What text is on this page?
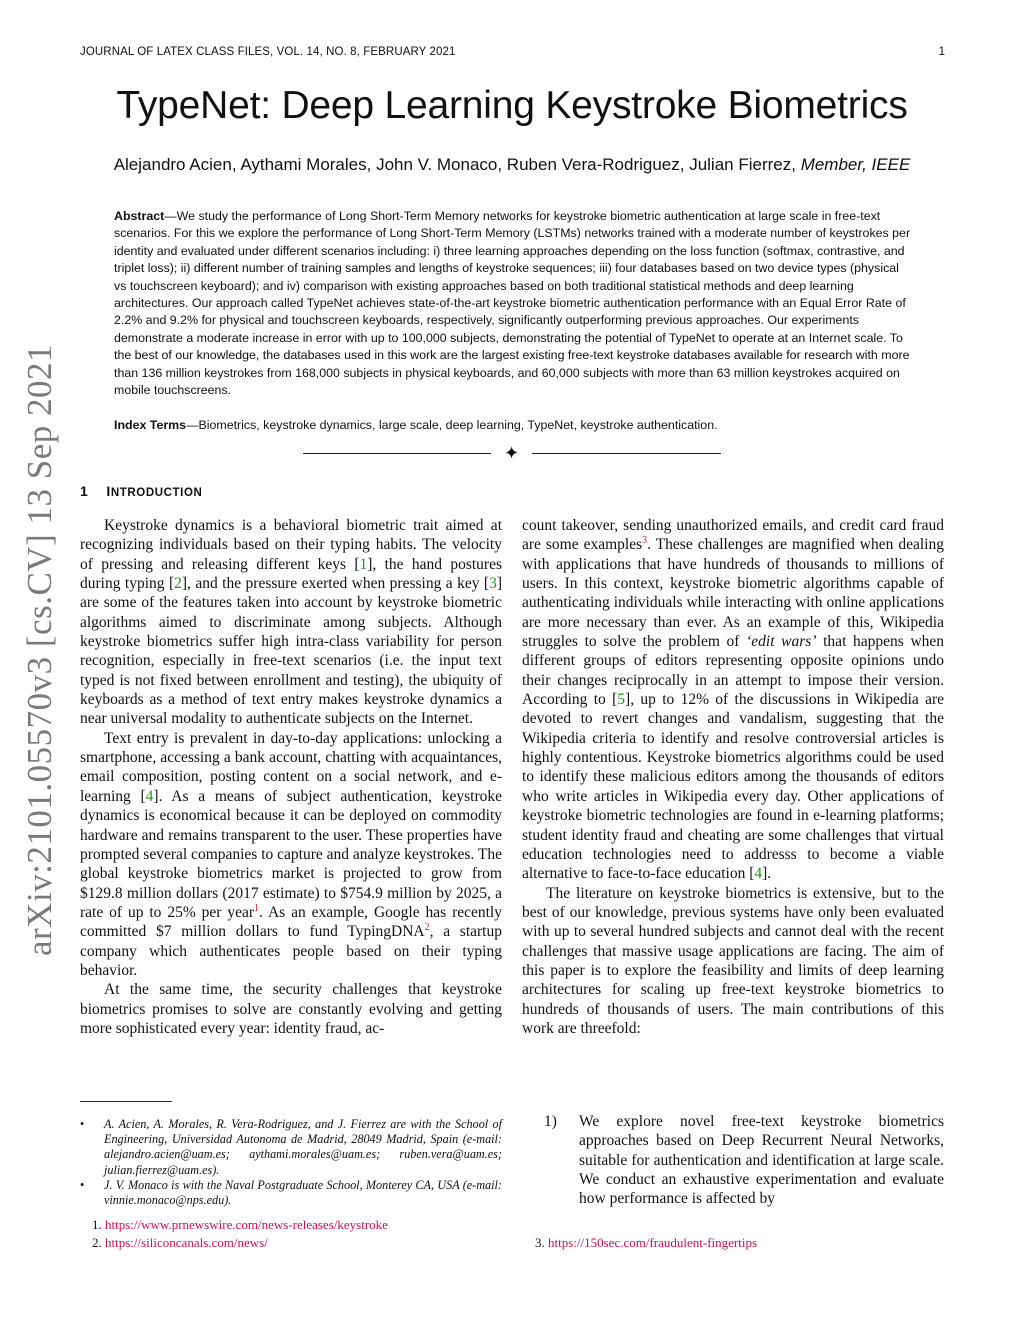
JOURNAL OF LATEX CLASS FILES, VOL. 14, NO. 8, FEBRUARY 2021	1
TypeNet: Deep Learning Keystroke Biometrics
Alejandro Acien, Aythami Morales, John V. Monaco, Ruben Vera-Rodriguez, Julian Fierrez, Member, IEEE
Abstract—We study the performance of Long Short-Term Memory networks for keystroke biometric authentication at large scale in free-text scenarios. For this we explore the performance of Long Short-Term Memory (LSTMs) networks trained with a moderate number of keystrokes per identity and evaluated under different scenarios including: i) three learning approaches depending on the loss function (softmax, contrastive, and triplet loss); ii) different number of training samples and lengths of keystroke sequences; iii) four databases based on two device types (physical vs touchscreen keyboard); and iv) comparison with existing approaches based on both traditional statistical methods and deep learning architectures. Our approach called TypeNet achieves state-of-the-art keystroke biometric authentication performance with an Equal Error Rate of 2.2% and 9.2% for physical and touchscreen keyboards, respectively, significantly outperforming previous approaches. Our experiments demonstrate a moderate increase in error with up to 100,000 subjects, demonstrating the potential of TypeNet to operate at an Internet scale. To the best of our knowledge, the databases used in this work are the largest existing free-text keystroke databases available for research with more than 136 million keystrokes from 168,000 subjects in physical keyboards, and 60,000 subjects with more than 63 million keystrokes acquired on mobile touchscreens.
Index Terms—Biometrics, keystroke dynamics, large scale, deep learning, TypeNet, keystroke authentication.
✦
1 INTRODUCTION

Keystroke dynamics is a behavioral biometric trait aimed at recognizing individuals based on their typing habits. The velocity of pressing and releasing different keys [1], the hand postures during typing [2], and the pressure exerted when pressing a key [3] are some of the features taken into account by keystroke biometric algorithms aimed to discriminate among subjects. Although keystroke biometrics suffer high intra-class variability for person recognition, especially in free-text scenarios (i.e. the input text typed is not fixed between enrollment and testing), the ubiquity of keyboards as a method of text entry makes keystroke dynamics a near universal modality to authenticate subjects on the Internet.

Text entry is prevalent in day-to-day applications: unlocking a smartphone, accessing a bank account, chatting with acquaintances, email composition, posting content on a social network, and e-learning [4]. As a means of subject authentication, keystroke dynamics is economical because it can be deployed on commodity hardware and remains transparent to the user. These properties have prompted several companies to capture and analyze keystrokes. The global keystroke biometrics market is projected to grow from $129.8 million dollars (2017 estimate) to $754.9 million by 2025, a rate of up to 25% per year$^1$. As an example, Google has recently committed $7 million dollars to fund TypingDNA$^2$, a startup company which authenticates people based on their typing behavior.

At the same time, the security challenges that keystroke biometrics promises to solve are constantly evolving and getting more sophisticated every year: identity fraud, ac-

count takeover, sending unauthorized emails, and credit card fraud are some examples$^3$. These challenges are magnified when dealing with applications that have hundreds of thousands to millions of users. In this context, keystroke biometric algorithms capable of authenticating individuals while interacting with online applications are more necessary than ever. As an example of this, Wikipedia struggles to solve the problem of ‘edit wars’ that happens when different groups of editors representing opposite opinions undo their changes reciprocally in an attempt to impose their version. According to [5], up to 12% of the discussions in Wikipedia are devoted to revert changes and vandalism, suggesting that the Wikipedia criteria to identify and resolve controversial articles is highly contentious. Keystroke biometrics algorithms could be used to identify these malicious editors among the thousands of editors who write articles in Wikipedia every day. Other applications of keystroke biometric technologies are found in e-learning platforms; student identity fraud and cheating are some challenges that virtual education technologies need to addresss to become a viable alternative to face-to-face education [4].

The literature on keystroke biometrics is extensive, but to the best of our knowledge, previous systems have only been evaluated with up to several hundred subjects and cannot deal with the recent challenges that massive usage applications are facing. The aim of this paper is to explore the feasibility and limits of deep learning architectures for scaling up free-text keystroke biometrics to hundreds of thousands of users. The main contributions of this work are threefold:

1) We explore novel free-text keystroke biometrics approaches based on Deep Recurrent Neural Networks, suitable for authentication and identification at large scale. We conduct an exhaustive experimentation and evaluate how performance is affected by
• A. Acien, A. Morales, R. Vera-Rodriguez, and J. Fierrez are with the School of Engineering, Universidad Autonoma de Madrid, 28049 Madrid, Spain (e-mail: alejandro.acien@uam.es; aythami.morales@uam.es; ruben.vera@uam.es; julian.fierrez@uam.es).
• J. V. Monaco is with the Naval Postgraduate School, Monterey CA, USA (e-mail: vinnie.monaco@nps.edu).
1. https://www.prnewswire.com/news-releases/keystroke
2. https://siliconcanals.com/news/	3. https://150sec.com/fraudulent-fingertips
arXiv:2101.05570v3 [cs.CV] 13 Sep 2021
